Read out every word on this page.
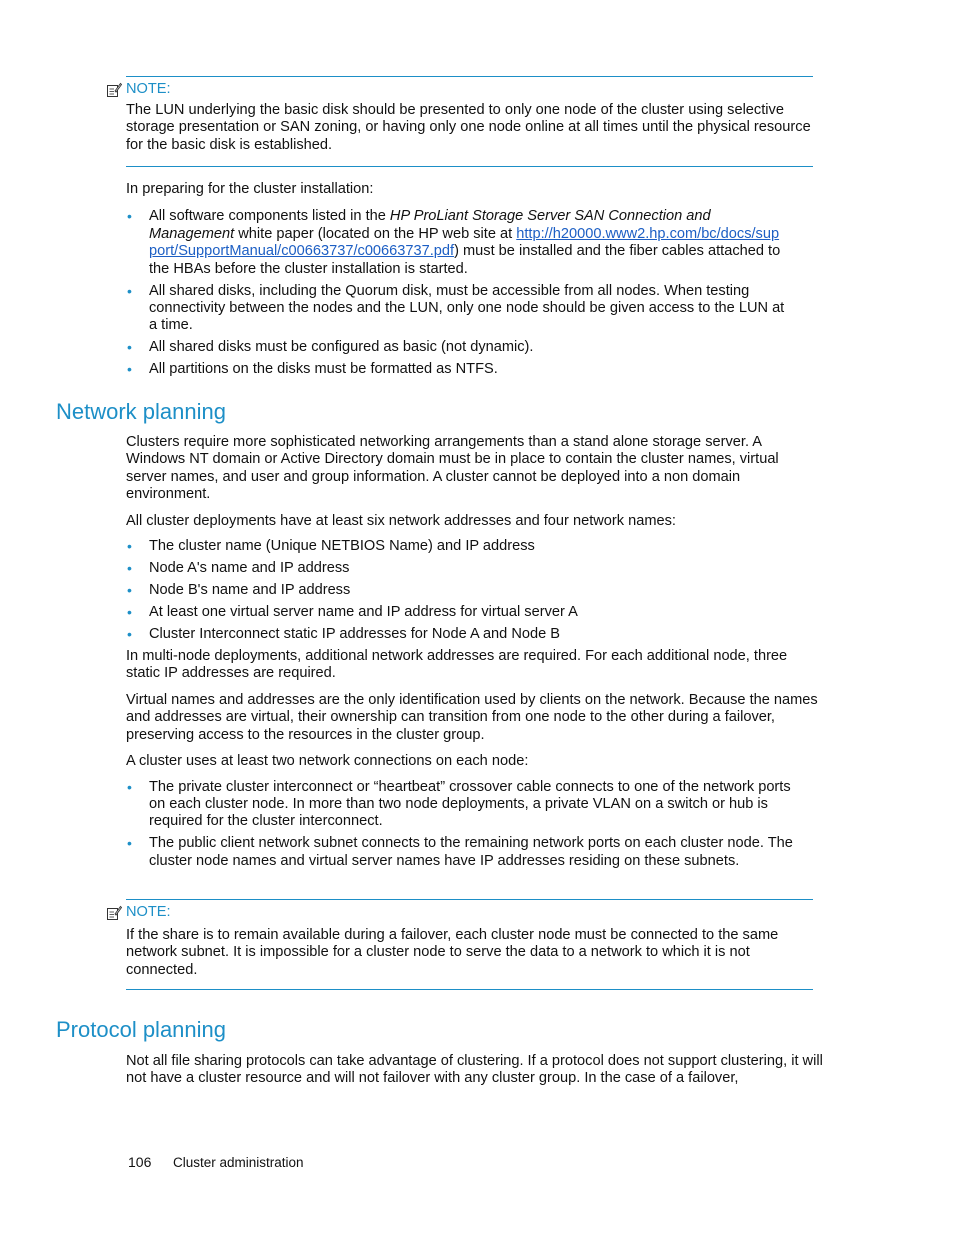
NOTE:

The LUN underlying the basic disk should be presented to only one node of the cluster using selective storage presentation or SAN zoning, or having only one node online at all times until the physical resource for the basic disk is established.

In preparing for the cluster installation:

• All software components listed in the HP ProLiant Storage Server SAN Connection and Management white paper (located on the HP web site at http://h20000.www2.hp.com/bc/docs/support/SupportManual/c00663737/c00663737.pdf) must be installed and the fiber cables attached to the HBAs before the cluster installation is started.
• All shared disks, including the Quorum disk, must be accessible from all nodes. When testing connectivity between the nodes and the LUN, only one node should be given access to the LUN at a time.
• All shared disks must be configured as basic (not dynamic).
• All partitions on the disks must be formatted as NTFS.
Network planning

Clusters require more sophisticated networking arrangements than a stand alone storage server. A Windows NT domain or Active Directory domain must be in place to contain the cluster names, virtual server names, and user and group information. A cluster cannot be deployed into a non domain environment.

All cluster deployments have at least six network addresses and four network names:

• The cluster name (Unique NETBIOS Name) and IP address
• Node A's name and IP address
• Node B's name and IP address
• At least one virtual server name and IP address for virtual server A
• Cluster Interconnect static IP addresses for Node A and Node B

In multi-node deployments, additional network addresses are required. For each additional node, three static IP addresses are required.

Virtual names and addresses are the only identification used by clients on the network. Because the names and addresses are virtual, their ownership can transition from one node to the other during a failover, preserving access to the resources in the cluster group.

A cluster uses at least two network connections on each node:

• The private cluster interconnect or “heartbeat” crossover cable connects to one of the network ports on each cluster node. In more than two node deployments, a private VLAN on a switch or hub is required for the cluster interconnect.
• The public client network subnet connects to the remaining network ports on each cluster node. The cluster node names and virtual server names have IP addresses residing on these subnets.
NOTE:

If the share is to remain available during a failover, each cluster node must be connected to the same network subnet. It is impossible for a cluster node to serve the data to a network to which it is not connected.

Protocol planning

Not all file sharing protocols can take advantage of clustering. If a protocol does not support clustering, it will not have a cluster resource and will not failover with any cluster group. In the case of a failover,

106 Cluster administration
